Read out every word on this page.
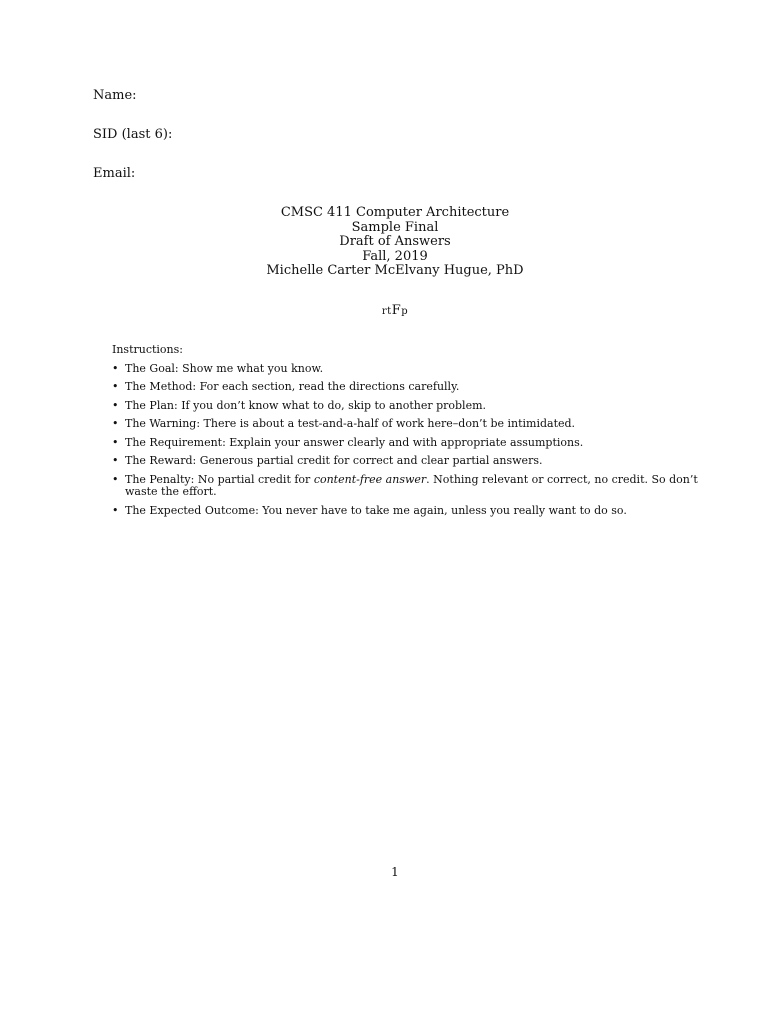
Name:
SID (last 6):
Email:
CMSC 411 Computer Architecture
Sample Final
Draft of Answers
Fall, 2019
Michelle Carter McElvany Hugue, PhD
rtFp
Instructions:
• The Goal: Show me what you know.
• The Method: For each section, read the directions carefully.
• The Plan: If you don’t know what to do, skip to another problem.
• The Warning: There is about a test-and-a-half of work here–don’t be intimidated.
• The Requirement: Explain your answer clearly and with appropriate assumptions.
• The Reward: Generous partial credit for correct and clear partial answers.
• The Penalty: No partial credit for content-free answer. Nothing relevant or correct, no credit. So don’t waste the effort.
• The Expected Outcome: You never have to take me again, unless you really want to do so.
1
